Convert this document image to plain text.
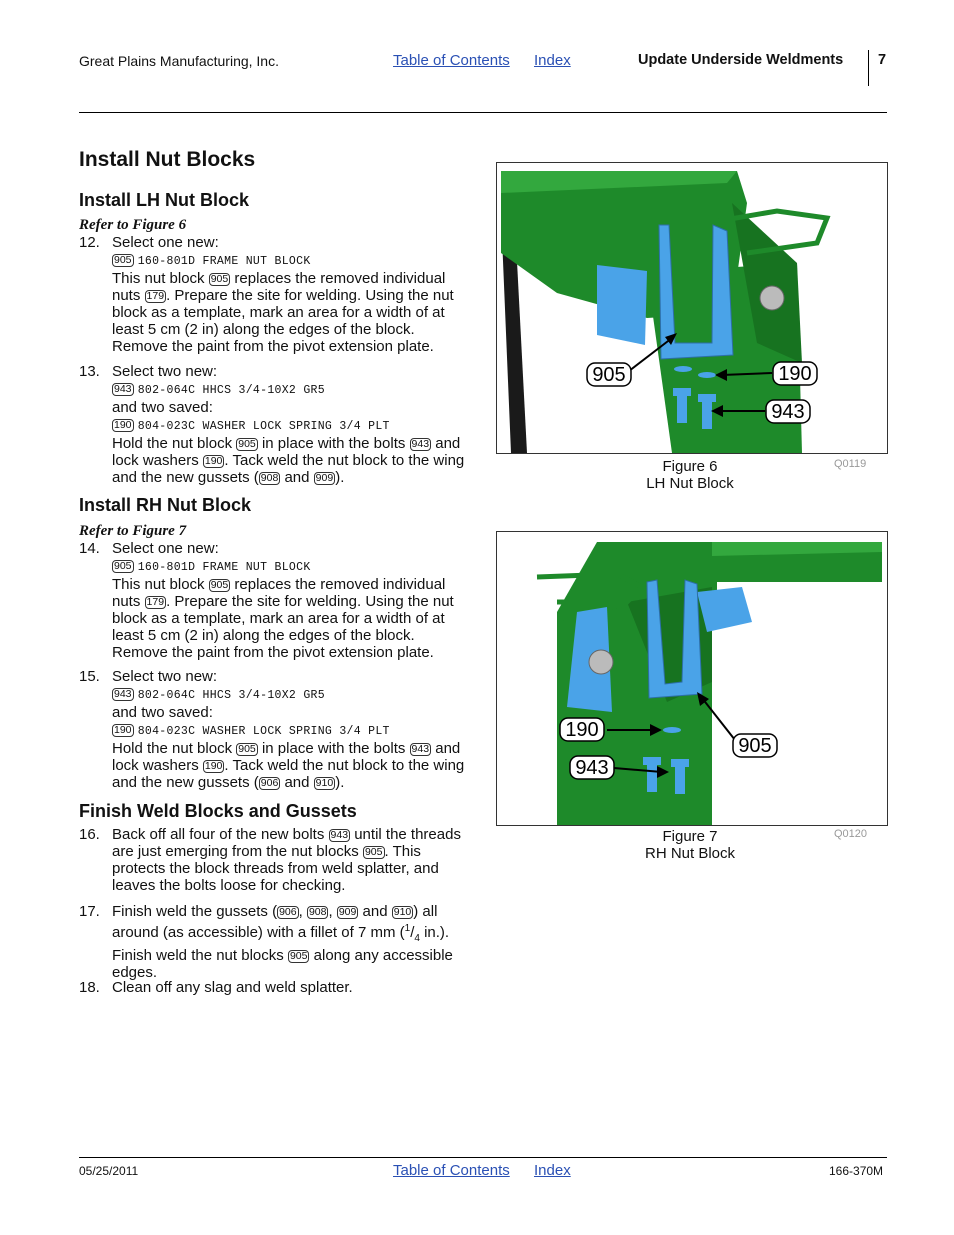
Great Plains Manufacturing, Inc.	Table of Contents Index	Update Underside Weldments 7
Install Nut Blocks
Install LH Nut Block
Refer to Figure 6
12. Select one new:
905 160-801D FRAME NUT BLOCK
This nut block 905 replaces the removed individual nuts 179 . Prepare the site for welding. Using the nut block as a template, mark an area for a width of at least 5 cm (2 in) along the edges of the block. Remove the paint from the pivot extension plate.
13. Select two new:
943 802-064C HHCS 3/4-10X2 GR5
and two saved:
190 804-023C WASHER LOCK SPRING 3/4 PLT
Hold the nut block 905 in place with the bolts 943 and lock washers 190 . Tack weld the nut block to the wing and the new gussets ( 908 and 909 ).
Install RH Nut Block
Refer to Figure 7
14. Select one new:
905 160-801D FRAME NUT BLOCK
This nut block 905 replaces the removed individual nuts 179 . Prepare the site for welding. Using the nut block as a template, mark an area for a width of at least 5 cm (2 in) along the edges of the block. Remove the paint from the pivot extension plate.
15. Select two new:
943 802-064C HHCS 3/4-10X2 GR5
and two saved:
190 804-023C WASHER LOCK SPRING 3/4 PLT
Hold the nut block 905 in place with the bolts 943 and lock washers 190 . Tack weld the nut block to the wing and the new gussets ( 906 and 910 ).
Finish Weld Blocks and Gussets
16. Back off all four of the new bolts 943 until the threads are just emerging from the nut blocks 905 . This protects the block threads from weld splatter, and leaves the bolts loose for checking.
17. Finish weld the gussets ( 906 , 908 , 909 and 910 ) all around (as accessible) with a fillet of 7 mm ($^1/_4$ in.). Finish weld the nut blocks 905 along any accessible edges.
18. Clean off any slag and weld splatter.
905	190
943
Figure 6
LH Nut Block
Q0119
190
905
943
Figure 7
RH Nut Block
Q0120
05/25/2011	Table of Contents Index	166-370M
